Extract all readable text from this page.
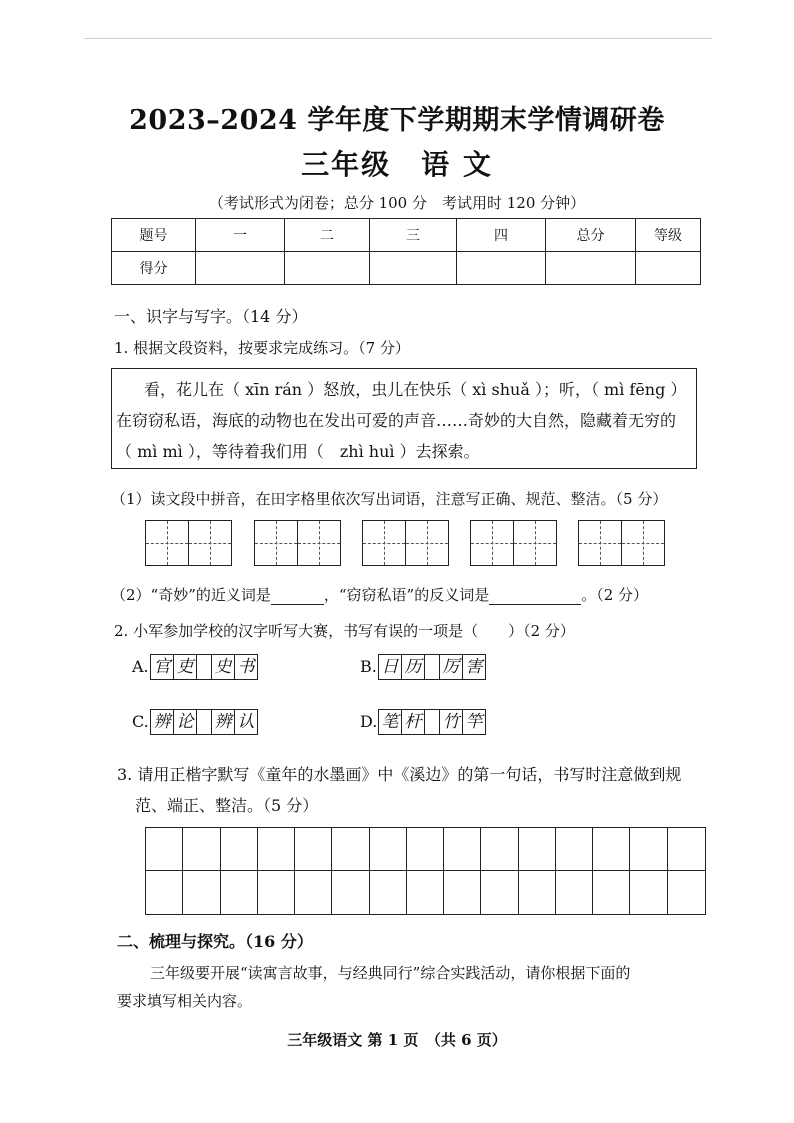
2023–2024 学年度下学期期末学情调研卷
三年级　语 文
（考试形式为闭卷；总分 100 分　考试用时 120 分钟）
题号	一	二	三	四	总分	等级
得分						
一、识字与写字。（14 分）
1. 根据文段资料，按要求完成练习。（7 分）
看，花儿在（ xīn rán ）怒放，虫儿在快乐（ xì shuǎ ）；听，（ mì fēng ）
在窃窃私语，海底的动物也在发出可爱的声音……奇妙的大自然，隐藏着无穷的
（ mì mì ），等待着我们用（　zhì huì ）去探索。
（1）读文段中拼音，在田字格里依次写出词语，注意写正确、规范、整洁。（5 分）
（2）“奇妙”的近义词是	，“窃窃私语”的反义词是	。（2 分）
2. 小军参加学校的汉字听写大赛，书写有误的一项是（　　）（2 分）
A. 官 吏 史 书	B. 日 历 厉 害
C. 辨 论 辨 认	D. 笔 杆 竹 竿
3. 请用正楷字默写《童年的水墨画》中《溪边》的第一句话，书写时注意做到规
范、端正、整洁。（5 分）
二、梳理与探究。（16 分）
三年级要开展“读寓言故事，与经典同行”综合实践活动，请你根据下面的
要求填写相关内容。
三年级语文 第 1 页　（共 6 页）
